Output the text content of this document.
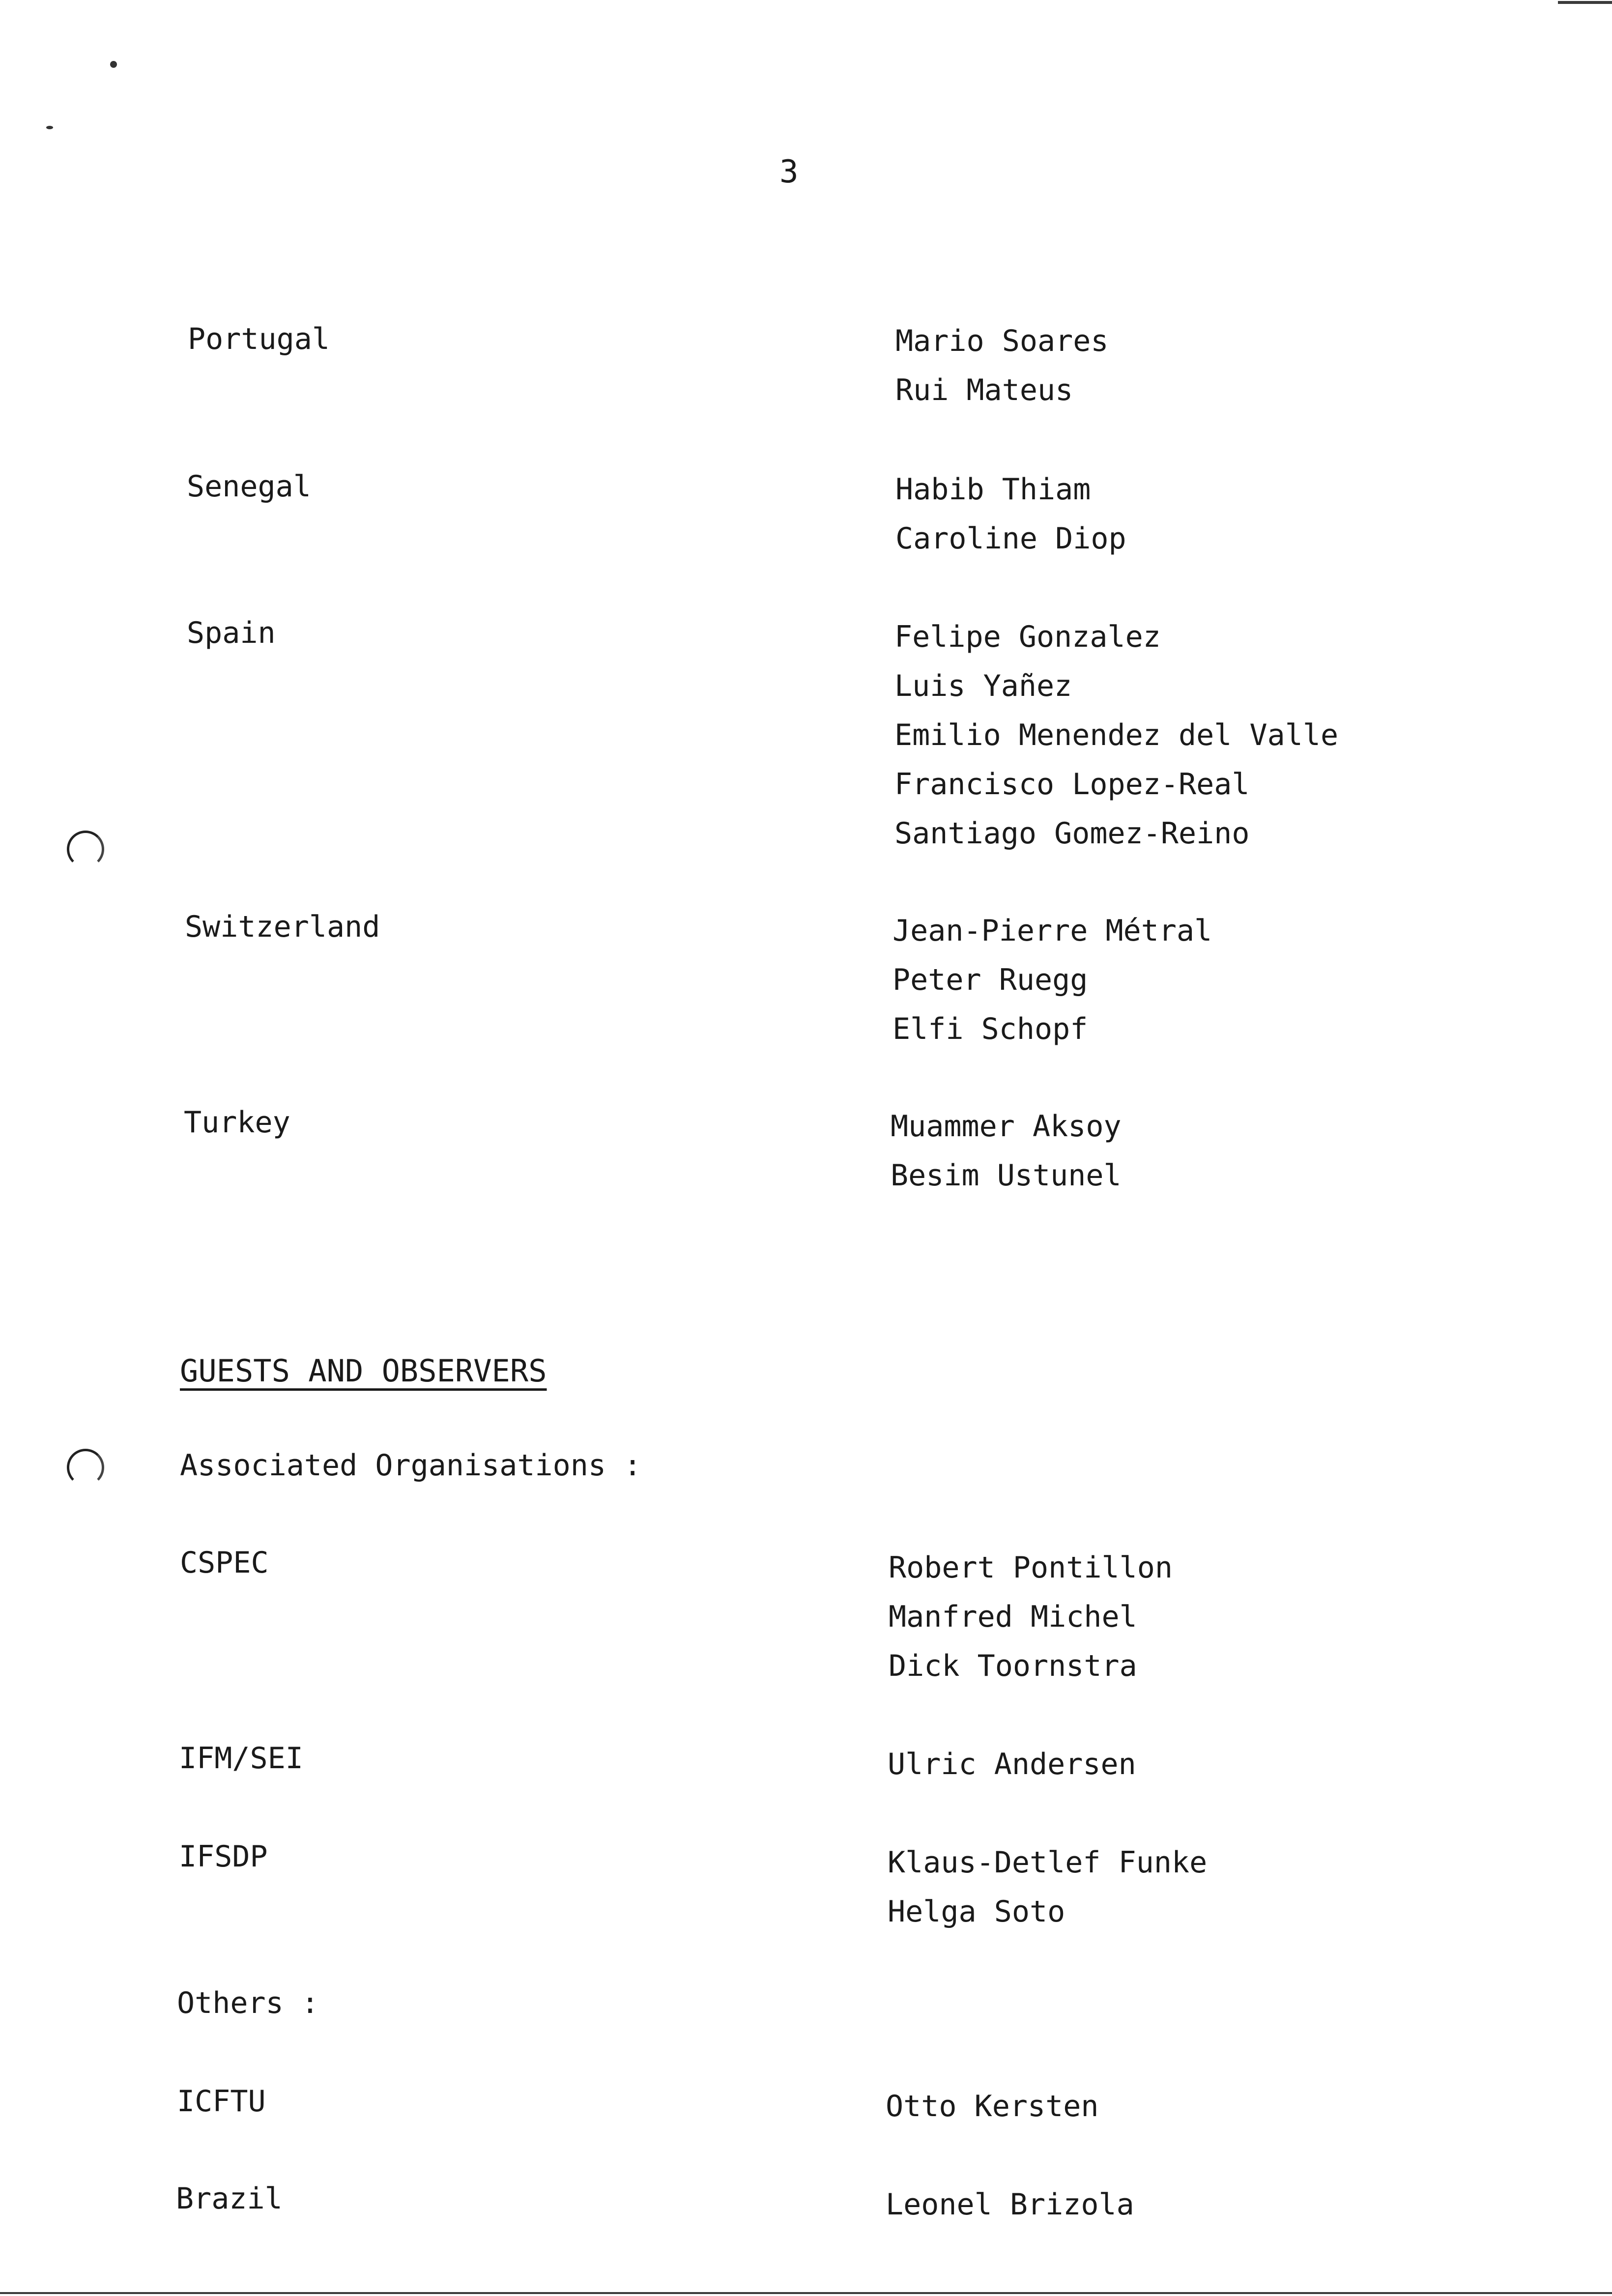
3
Portugal	Mario Soares
Rui Mateus
Senegal	Habib Thiam
Caroline Diop
Spain	Felipe Gonzalez
Luis Yañez
Emilio Menendez del Valle
Francisco Lopez-Real
Santiago Gomez-Reino
Switzerland	Jean-Pierre Métral
Peter Ruegg
Elfi Schopf
Turkey	Muammer Aksoy
Besim Ustunel
GUESTS AND OBSERVERS
Associated Organisations :
CSPEC	Robert Pontillon
Manfred Michel
Dick Toornstra
IFM/SEI	Ulric Andersen
IFSDP	Klaus-Detlef Funke
Helga Soto
Others :
ICFTU	Otto Kersten
Brazil	Leonel Brizola
